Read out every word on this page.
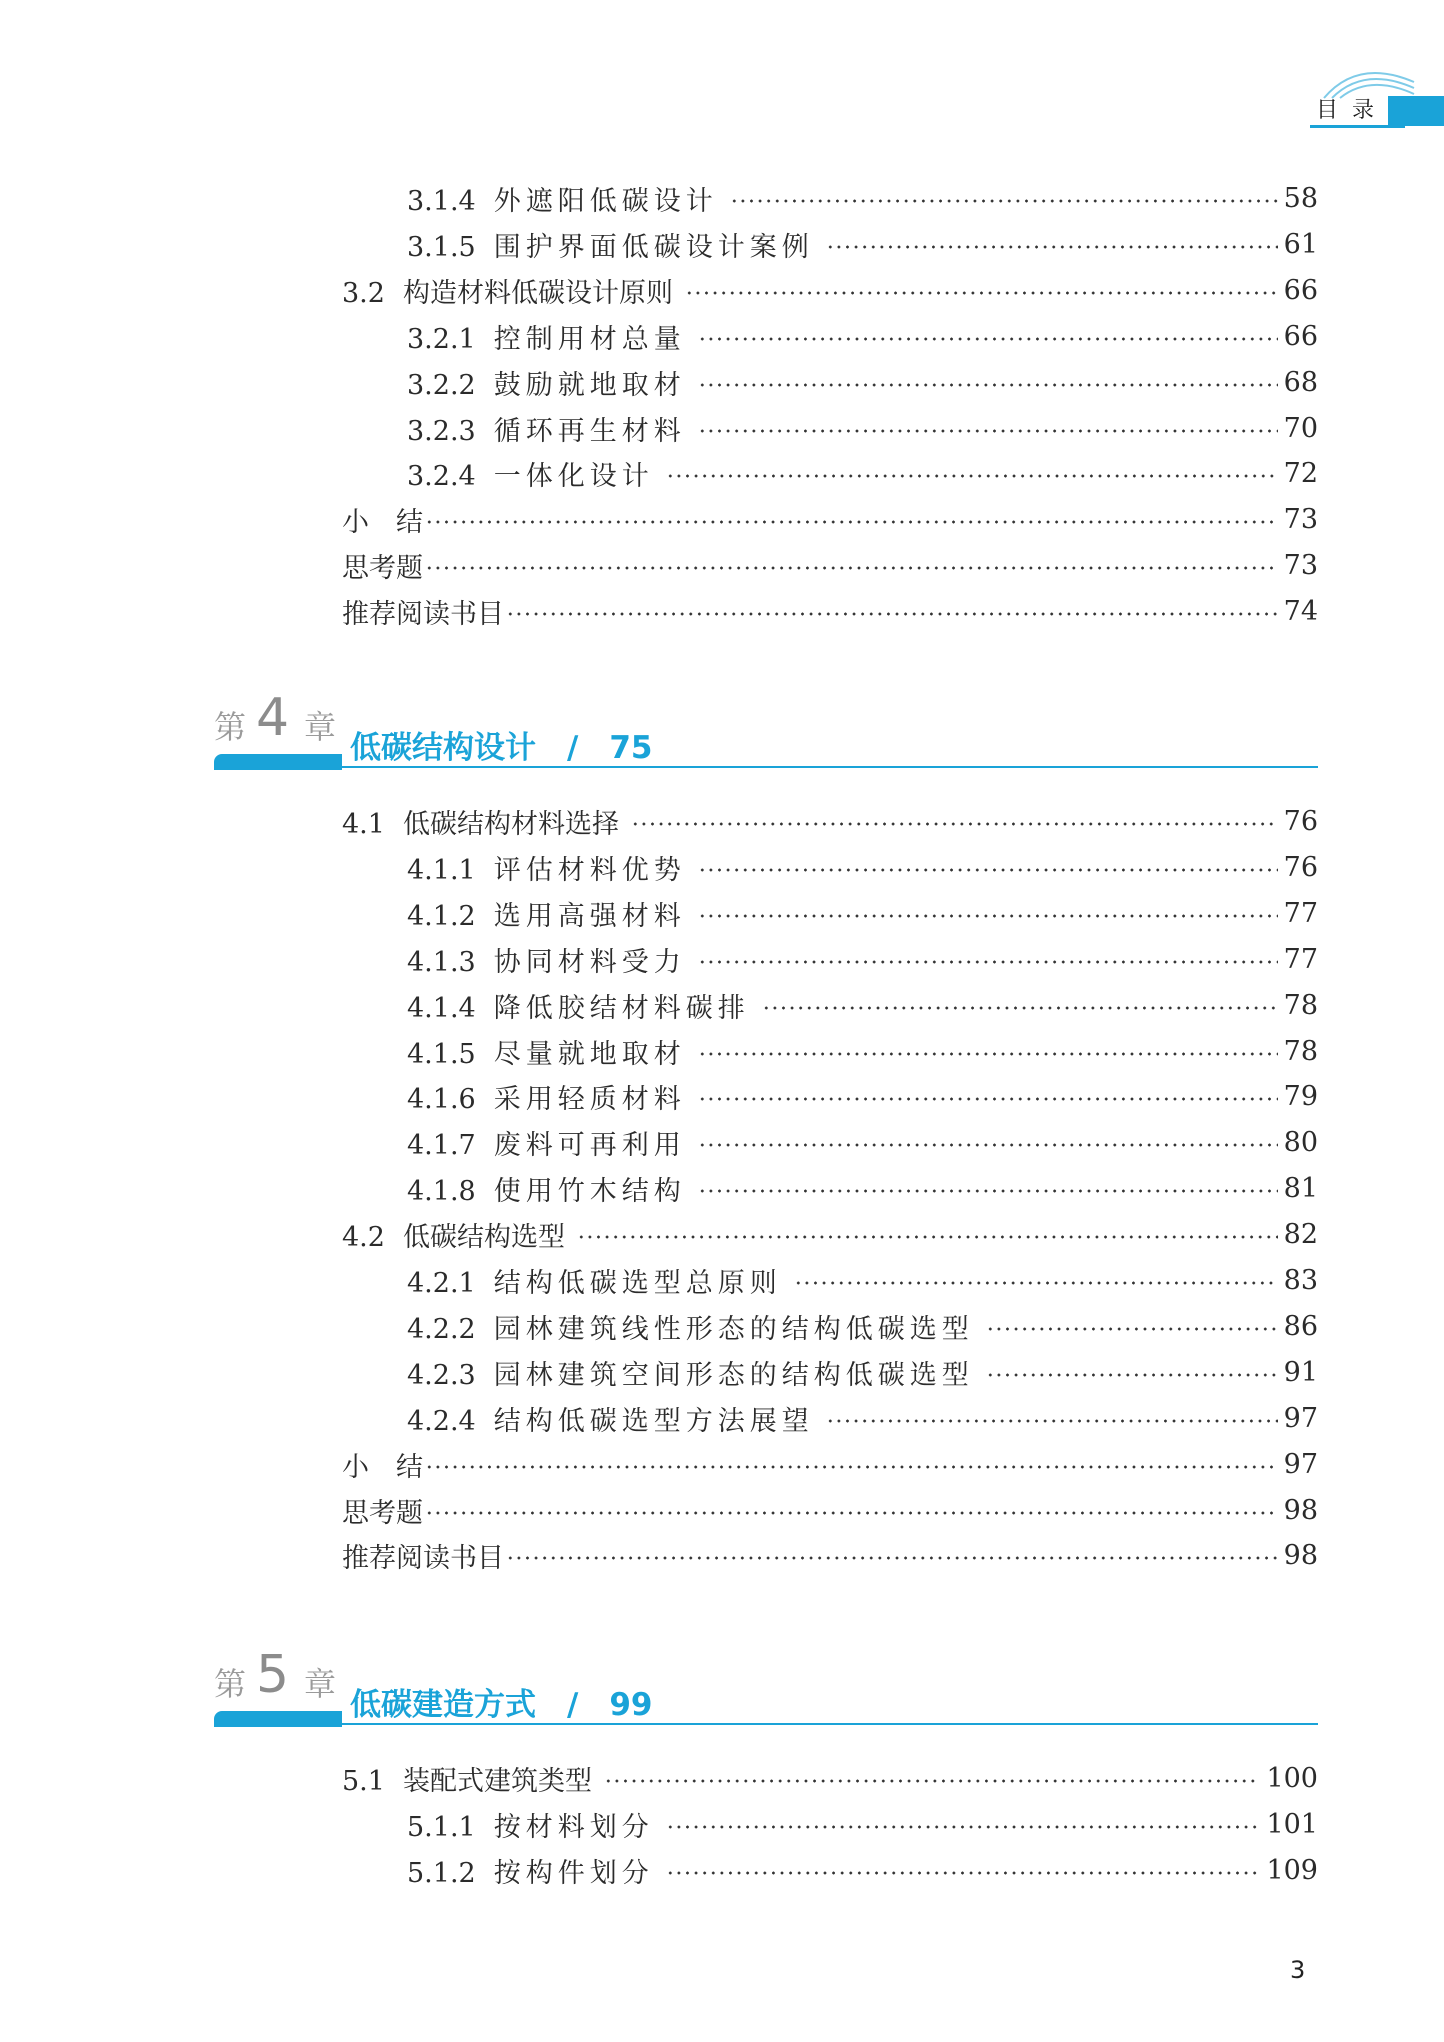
目录
3.1.4 外遮阳低碳设计	58
3.1.5 围护界面低碳设计案例	61
3.2 构造材料低碳设计原则	66
3.2.1 控制用材总量	66
3.2.2 鼓励就地取材	68
3.2.3 循环再生材料	70
3.2.4 一体化设计	72
小　结	73
思考题	73
推荐阅读书目	74
4.1 低碳结构材料选择	76
4.1.1 评估材料优势	76
4.1.2 选用高强材料	77
4.1.3 协同材料受力	77
4.1.4 降低胶结材料碳排	78
4.1.5 尽量就地取材	78
4.1.6 采用轻质材料	79
4.1.7 废料可再利用	80
4.1.8 使用竹木结构	81
4.2 低碳结构选型	82
4.2.1 结构低碳选型总原则	83
4.2.2 园林建筑线性形态的结构低碳选型	86
4.2.3 园林建筑空间形态的结构低碳选型	91
4.2.4 结构低碳选型方法展望	97
小　结	97
思考题	98
推荐阅读书目	98
5.1 装配式建筑类型	100
5.1.1 按材料划分	101
5.1.2 按构件划分	109
第 4 章
低碳结构设计　/　75
第 5 章
低碳建造方式　/　99
3
